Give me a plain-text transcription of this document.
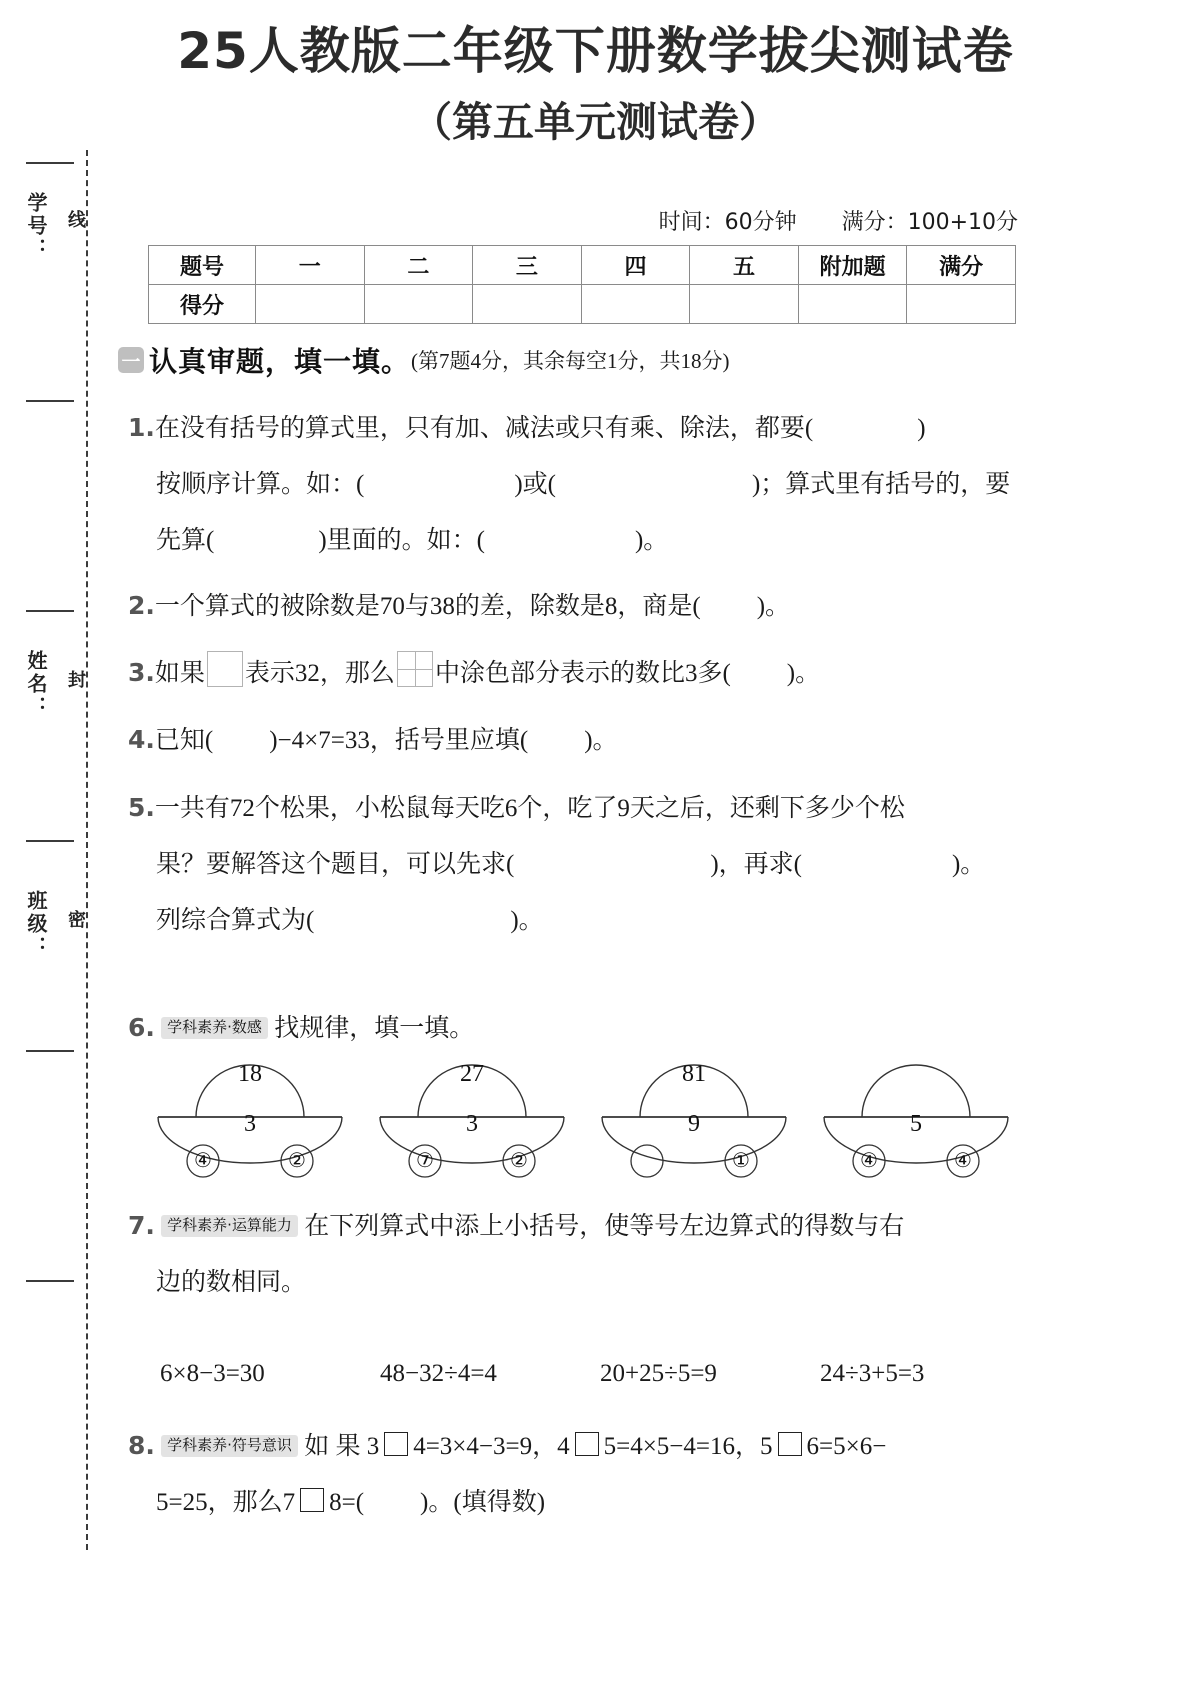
25人教版二年级下册数学拔尖测试卷
（第五单元测试卷）
学号：
姓名：
班级：
线
封
密
时间：60分钟 满分：100+10分
题号	一	二	三	四	五	附加题	满分
得分							
一 认真审题，填一填。 (第7题4分，其余每空1分，共18分)
1.在没有括号的算式里，只有加、减法或只有乘、除法，都要(	)
按顺序计算。如：(	)或(	)；算式里有括号的，要
先算(	)里面的。如：(	)。
2.一个算式的被除数是70与38的差，除数是8，商是( )。
3.如果 表示32，那么 中涂色部分表示的数比3多( )。
4.已知( )−4×7=33，括号里应填( )。
5.一共有72个松果，小松鼠每天吃6个，吃了9天之后，还剩下多少个松
果？要解答这个题目，可以先求(	)，再求(	)。
列综合算式为(	)。
6. 学科素养·数感 找规律，填一填。
18
3
④	②
27
3
⑦	②
81
9
①
5
④	④
7. 学科素养·运算能力 在下列算式中添上小括号，使等号左边算式的得数与右
边的数相同。
6×8−3=30	48−32÷4=4	20+25÷5=9	24÷3+5=3
8. 学科素养·符号意识 如 果 3 4=3×4−3=9，4 5=4×5−4=16，5 6=5×6−
5=25，那么7 8=( )。(填得数)
